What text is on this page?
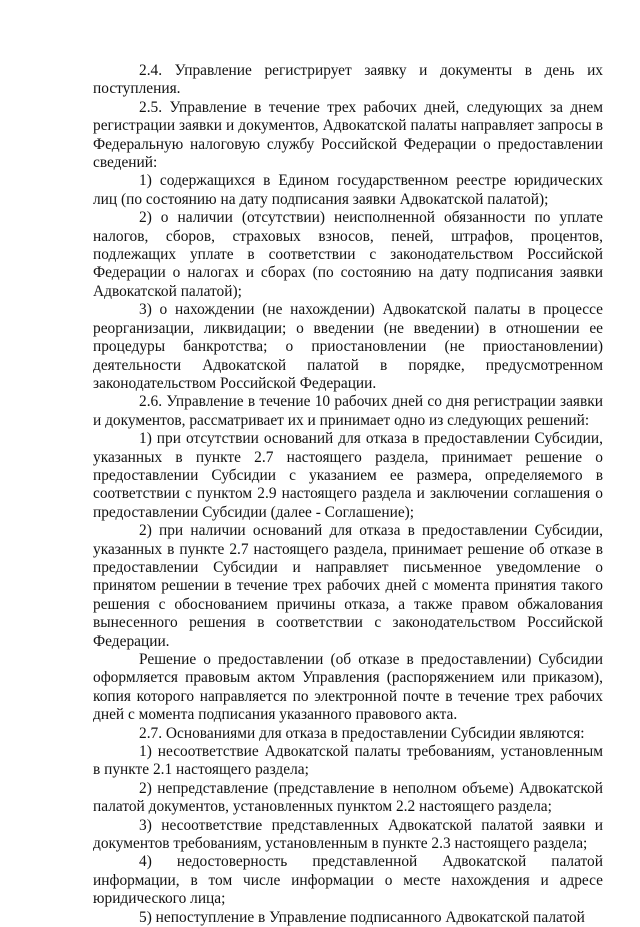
2.4. Управление регистрирует заявку и документы в день их поступления.

2.5. Управление в течение трех рабочих дней, следующих за днем регистрации заявки и документов, Адвокатской палаты направляет запросы в Федеральную налоговую службу Российской Федерации о предоставлении сведений:

1) содержащихся в Едином государственном реестре юридических лиц (по состоянию на дату подписания заявки Адвокатской палатой);

2) о наличии (отсутствии) неисполненной обязанности по уплате налогов, сборов, страховых взносов, пеней, штрафов, процентов, подлежащих уплате в соответствии с законодательством Российской Федерации о налогах и сборах (по состоянию на дату подписания заявки Адвокатской палатой);

3) о нахождении (не нахождении) Адвокатской палаты в процессе реорганизации, ликвидации; о введении (не введении) в отношении ее процедуры банкротства; о приостановлении (не приостановлении) деятельности Адвокатской палатой в порядке, предусмотренном законодательством Российской Федерации.

2.6. Управление в течение 10 рабочих дней со дня регистрации заявки и документов, рассматривает их и принимает одно из следующих решений:

1) при отсутствии оснований для отказа в предоставлении Субсидии, указанных в пункте 2.7 настоящего раздела, принимает решение о предоставлении Субсидии с указанием ее размера, определяемого в соответствии с пунктом 2.9 настоящего раздела и заключении соглашения о предоставлении Субсидии (далее - Соглашение);

2) при наличии оснований для отказа в предоставлении Субсидии, указанных в пункте 2.7 настоящего раздела, принимает решение об отказе в предоставлении Субсидии и направляет письменное уведомление о принятом решении в течение трех рабочих дней с момента принятия такого решения с обоснованием причины отказа, а также правом обжалования вынесенного решения в соответствии с законодательством Российской Федерации.

Решение о предоставлении (об отказе в предоставлении) Субсидии оформляется правовым актом Управления (распоряжением или приказом), копия которого направляется по электронной почте в течение трех рабочих дней с момента подписания указанного правового акта.

2.7. Основаниями для отказа в предоставлении Субсидии являются:

1) несоответствие Адвокатской палаты требованиям, установленным в пункте 2.1 настоящего раздела;

2) непредставление (представление в неполном объеме) Адвокатской палатой документов, установленных пунктом 2.2 настоящего раздела;

3) несоответствие представленных Адвокатской палатой заявки и документов требованиям, установленным в пункте 2.3 настоящего раздела;

4) недостоверность представленной Адвокатской палатой информации, в том числе информации о месте нахождения и адресе юридического лица;

5) непоступление в Управление подписанного Адвокатской палатой
